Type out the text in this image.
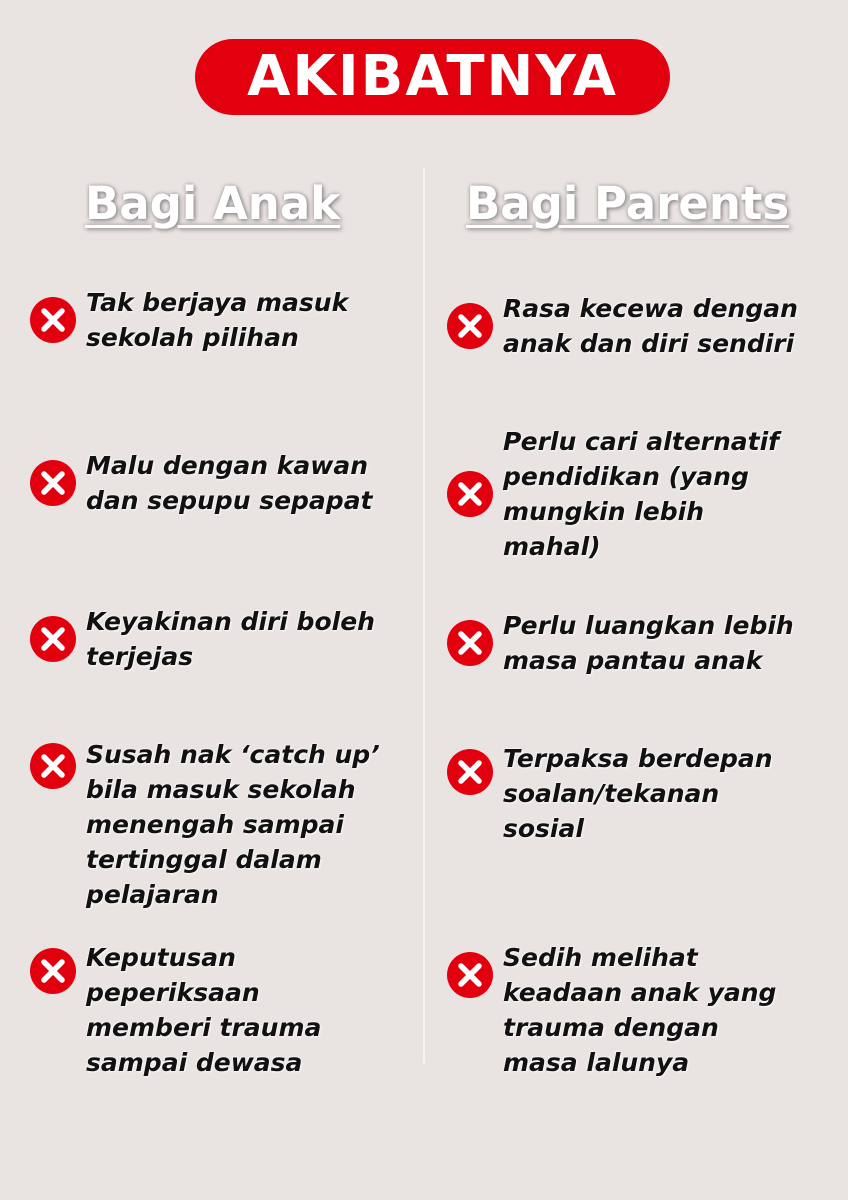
AKIBATNYA
Bagi Anak	Bagi Parents
Tak berjaya masuk
sekolah pilihan
Malu dengan kawan
dan sepupu sepapat
Keyakinan diri boleh
terjejas
Susah nak ‘catch up’
bila masuk sekolah
menengah sampai
tertinggal dalam
pelajaran
Keputusan
peperiksaan
memberi trauma
sampai dewasa
Rasa kecewa dengan
anak dan diri sendiri
Perlu cari alternatif
pendidikan (yang
mungkin lebih
mahal)
Perlu luangkan lebih
masa pantau anak
Terpaksa berdepan
soalan/tekanan
sosial
Sedih melihat
keadaan anak yang
trauma dengan
masa lalunya
